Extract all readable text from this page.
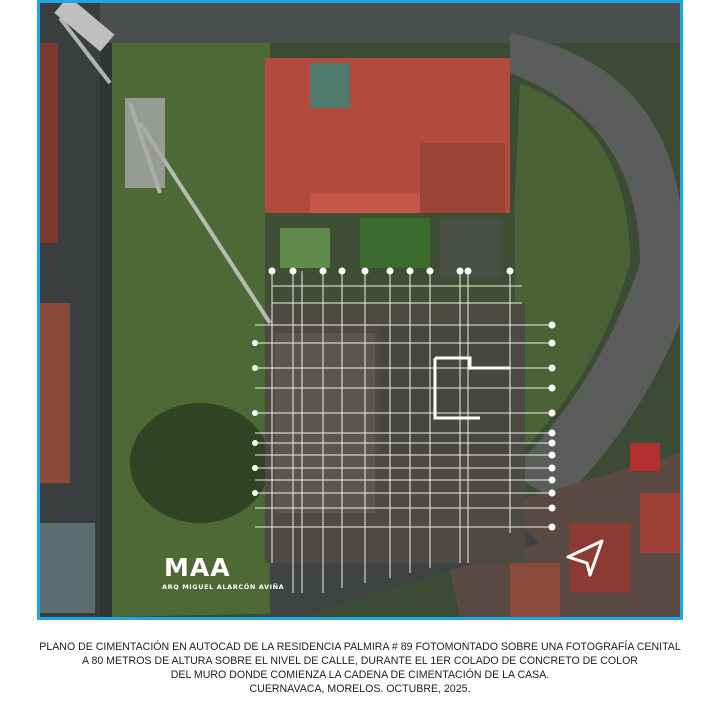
MAA
ARQ MIGUEL ALARCÓN AVIÑA
PLANO DE CIMENTACIÓN EN AUTOCAD DE LA RESIDENCIA PALMIRA # 89 FOTOMONTADO SOBRE UNA FOTOGRAFÍA CENITAL
A 80 METROS DE ALTURA SOBRE EL NIVEL DE CALLE, DURANTE EL 1ER COLADO DE CONCRETO DE COLOR
DEL MURO DONDE COMIENZA LA CADENA DE CIMENTACIÓN DE LA CASA.
CUERNAVACA, MORELOS. OCTUBRE, 2025.
